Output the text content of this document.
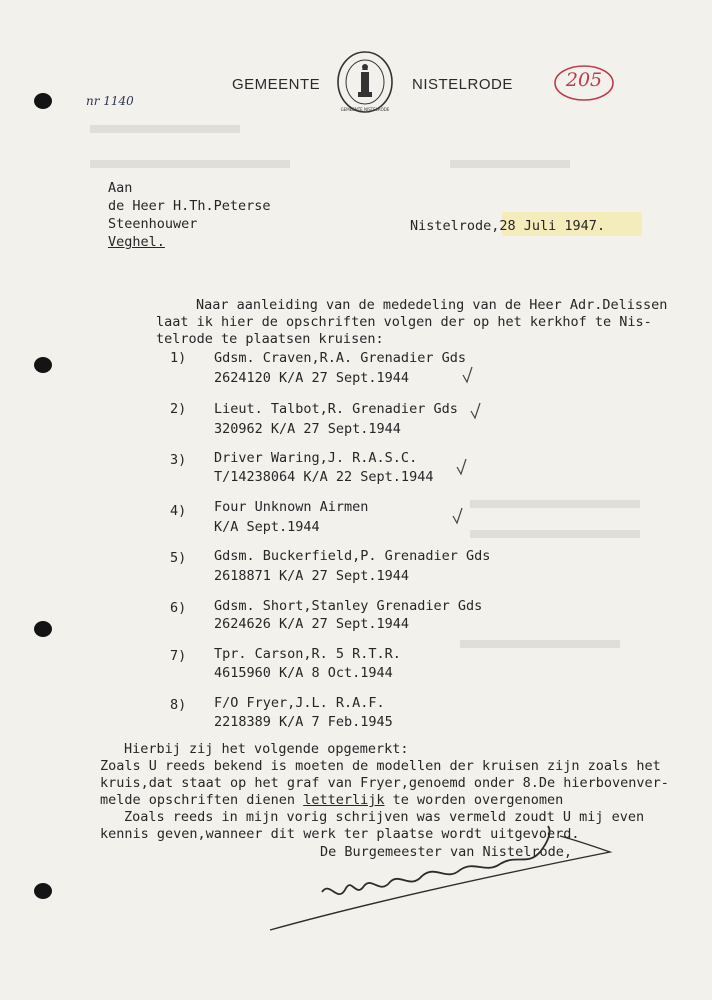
GEMEENTE
GEMEENTE NISTELRODE
NISTELRODE
nr 1140
205
Aan
de Heer H.Th.Peterse
Steenhouwer
Veghel.
Nistelrode,28 Juli 1947.
Naar aanleiding van de mededeling van de Heer Adr.Delissen
laat ik hier de opschriften volgen der op het kerkhof te Nis-
telrode te plaatsen kruisen:
1) Gdsm. Craven,R.A. Grenadier Gds
2624120 K/A 27 Sept.1944
2) Lieut. Talbot,R. Grenadier Gds
320962 K/A 27 Sept.1944
3) Driver Waring,J. R.A.S.C.
T/14238064 K/A 22 Sept.1944
4) Four Unknown Airmen
K/A Sept.1944
5) Gdsm. Buckerfield,P. Grenadier Gds
2618871 K/A 27 Sept.1944
6) Gdsm. Short,Stanley Grenadier Gds
2624626 K/A 27 Sept.1944
7) Tpr. Carson,R. 5 R.T.R.
4615960 K/A 8 Oct.1944
8) F/O Fryer,J.L. R.A.F.
2218389 K/A 7 Feb.1945
Hierbij zij het volgende opgemerkt:
Zoals U reeds bekend is moeten de modellen der kruisen zijn zoals het
kruis,dat staat op het graf van Fryer,genoemd onder 8.De hierbovenver-
melde opschriften dienen letterlijk te worden overgenomen
Zoals reeds in mijn vorig schrijven was vermeld zoudt U mij even
kennis geven,wanneer dit werk ter plaatse wordt uitgevoerd.
De Burgemeester van Nistelrode,
